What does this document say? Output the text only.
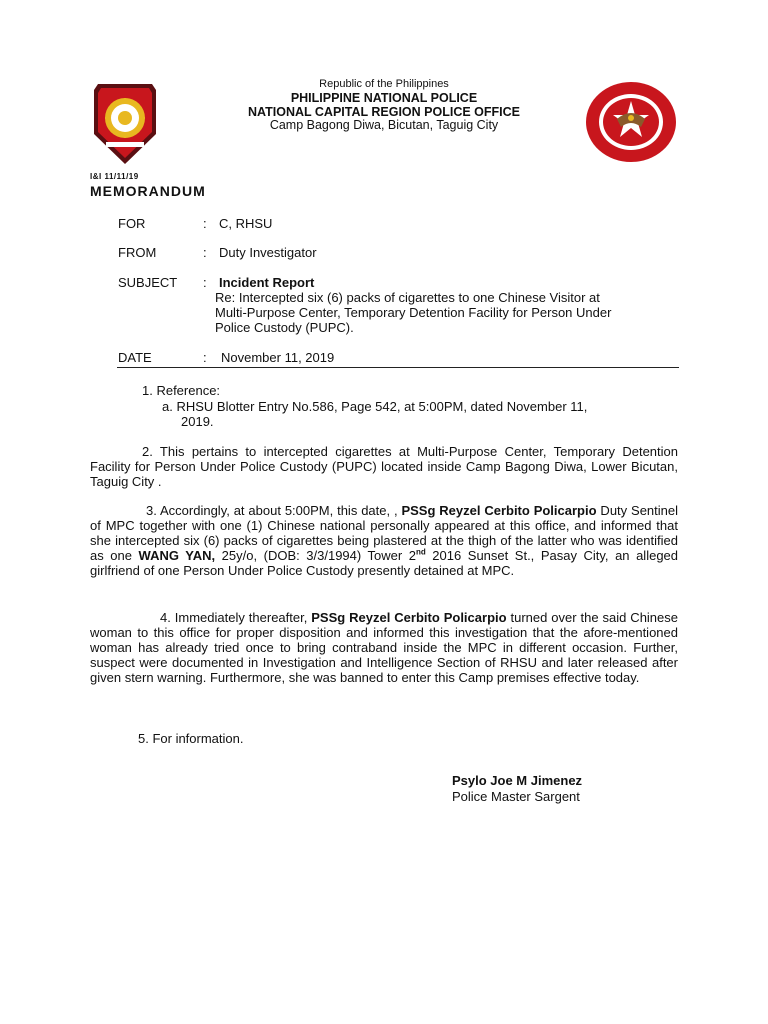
Republic of the Philippines
PHILIPPINE NATIONAL POLICE
NATIONAL CAPITAL REGION POLICE OFFICE
Camp Bagong Diwa, Bicutan, Taguig City
I&I 11/11/19
MEMORANDUM
FOR	: C, RHSU
FROM	: Duty Investigator
SUBJECT : Incident Report
Re: Intercepted six (6) packs of cigarettes to one Chinese Visitor at
Multi-Purpose Center, Temporary Detention Facility for Person Under
Police Custody (PUPC).
DATE	: November 11, 2019
1. Reference:
a. RHSU Blotter Entry No.586, Page 542, at 5:00PM, dated November 11,
2019.
2. This pertains to intercepted cigarettes at Multi-Purpose Center, Temporary Detention Facility for Person Under Police Custody (PUPC) located inside Camp Bagong Diwa, Lower Bicutan, Taguig City .
3. Accordingly, at about 5:00PM, this date, , PSSg Reyzel Cerbito Policarpio Duty Sentinel of MPC together with one (1) Chinese national personally appeared at this office, and informed that she intercepted six (6) packs of cigarettes being plastered at the thigh of the latter who was identified as one WANG YAN, 25y/o, (DOB: 3/3/1994) Tower 2nd 2016 Sunset St., Pasay City, an alleged girlfriend of one Person Under Police Custody presently detained at MPC.
4. Immediately thereafter, PSSg Reyzel Cerbito Policarpio turned over the said Chinese woman to this office for proper disposition and informed this investigation that the afore-mentioned woman has already tried once to bring contraband inside the MPC in different occasion. Further, suspect were documented in Investigation and Intelligence Section of RHSU and later released after given stern warning. Furthermore, she was banned to enter this Camp premises effective today.
5. For information.
Psylo Joe M Jimenez
Police Master Sargent
